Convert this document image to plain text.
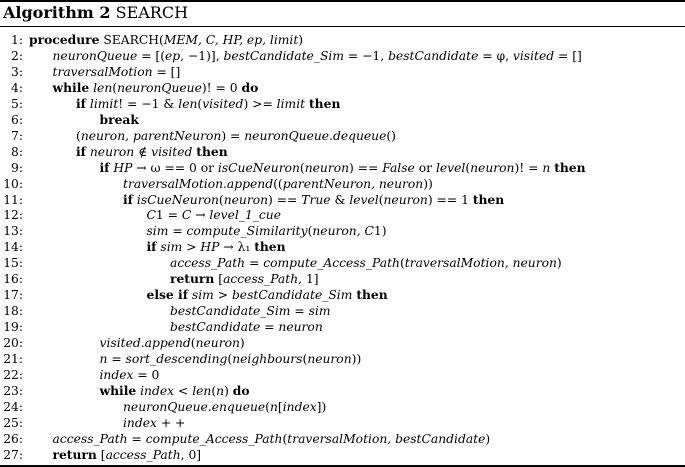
Algorithm 2 SEARCH
1: procedure SEARCH(MEM, C, HP, ep, limit)
2: neuronQueue = [(ep, −1)], bestCandidate_Sim = −1, bestCandidate = φ, visited = []
3: traversalMotion = []
4: while len(neuronQueue)! = 0 do
5:	if limit! = −1 & len(visited) >= limit then
6:	break
7:	(neuron, parentNeuron) = neuronQueue.dequeue()
8:	if neuron ∉ visited then
9:	if HP → ω == 0 or isCueNeuron(neuron) == False or level(neuron)! = n then
10:	traversalMotion.append((parentNeuron, neuron))
11:	if isCueNeuron(neuron) == True & level(neuron) == 1 then
12:	C1 = C → level_1_cue
13:	sim = compute_Similarity(neuron, C1)
14:	if sim > HP → λ₁ then
15:	access_Path = compute_Access_Path(traversalMotion, neuron)
16:	return [access_Path, 1]
17:	else if sim > bestCandidate_Sim then
18:	bestCandidate_Sim = sim
19:	bestCandidate = neuron
20:	visited.append(neuron)
21:	n = sort_descending(neighbours(neuron))
22:	index = 0
23:	while index < len(n) do
24:	neuronQueue.enqueue(n[index])
25:	index + +
26: access_Path = compute_Access_Path(traversalMotion, bestCandidate)
27: return [access_Path, 0]
